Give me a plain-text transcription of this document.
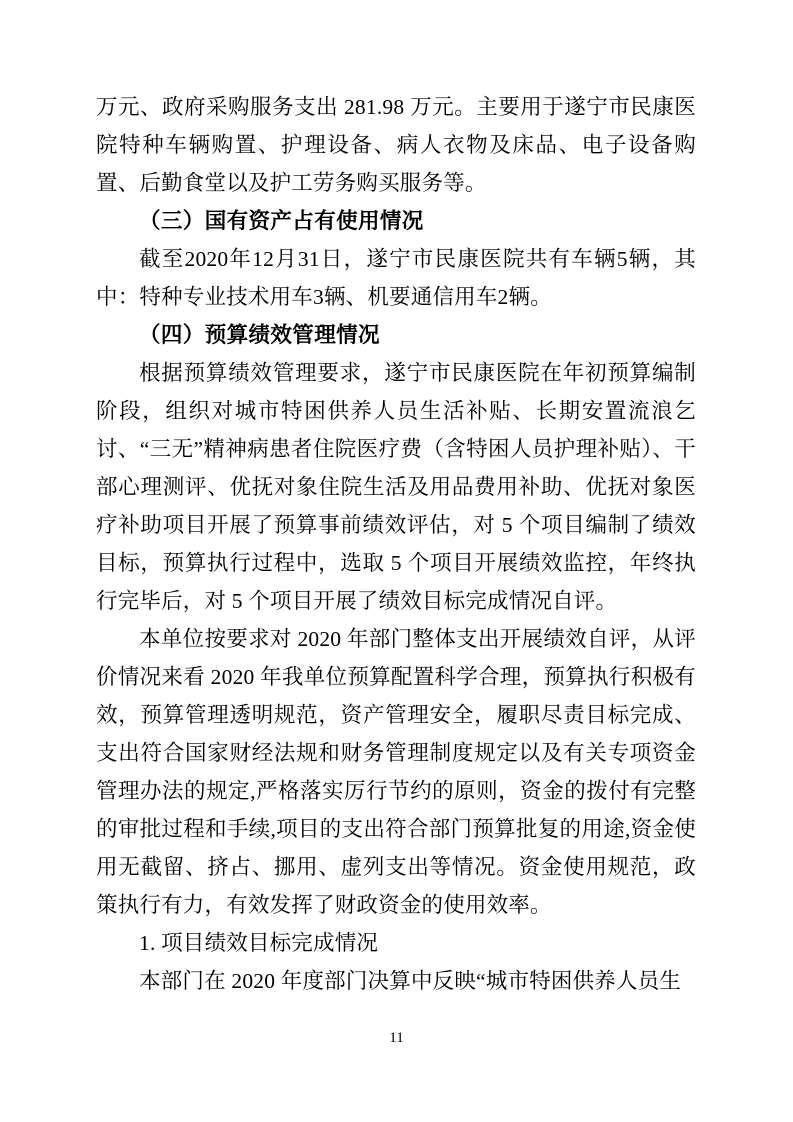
万元、政府采购服务支出 281.98 万元。主要用于遂宁市民康医院特种车辆购置、护理设备、病人衣物及床品、电子设备购置、后勤食堂以及护工劳务购买服务等。

（三）国有资产占有使用情况

截至2020年12月31日，遂宁市民康医院共有车辆5辆，其中：特种专业技术用车3辆、机要通信用车2辆。

（四）预算绩效管理情况

根据预算绩效管理要求，遂宁市民康医院在年初预算编制阶段，组织对城市特困供养人员生活补贴、长期安置流浪乞讨、“三无”精神病患者住院医疗费（含特困人员护理补贴）、干部心理测评、优抚对象住院生活及用品费用补助、优抚对象医疗补助项目开展了预算事前绩效评估，对 5 个项目编制了绩效目标，预算执行过程中，选取 5 个项目开展绩效监控，年终执行完毕后，对 5 个项目开展了绩效目标完成情况自评。

本单位按要求对 2020 年部门整体支出开展绩效自评，从评价情况来看 2020 年我单位预算配置科学合理，预算执行积极有效，预算管理透明规范，资产管理安全，履职尽责目标完成、支出符合国家财经法规和财务管理制度规定以及有关专项资金管理办法的规定,严格落实厉行节约的原则，资金的拨付有完整的审批过程和手续,项目的支出符合部门预算批复的用途,资金使用无截留、挤占、挪用、虚列支出等情况。资金使用规范，政策执行有力，有效发挥了财政资金的使用效率。

1. 项目绩效目标完成情况

本部门在 2020 年度部门决算中反映“城市特困供养人员生

11
